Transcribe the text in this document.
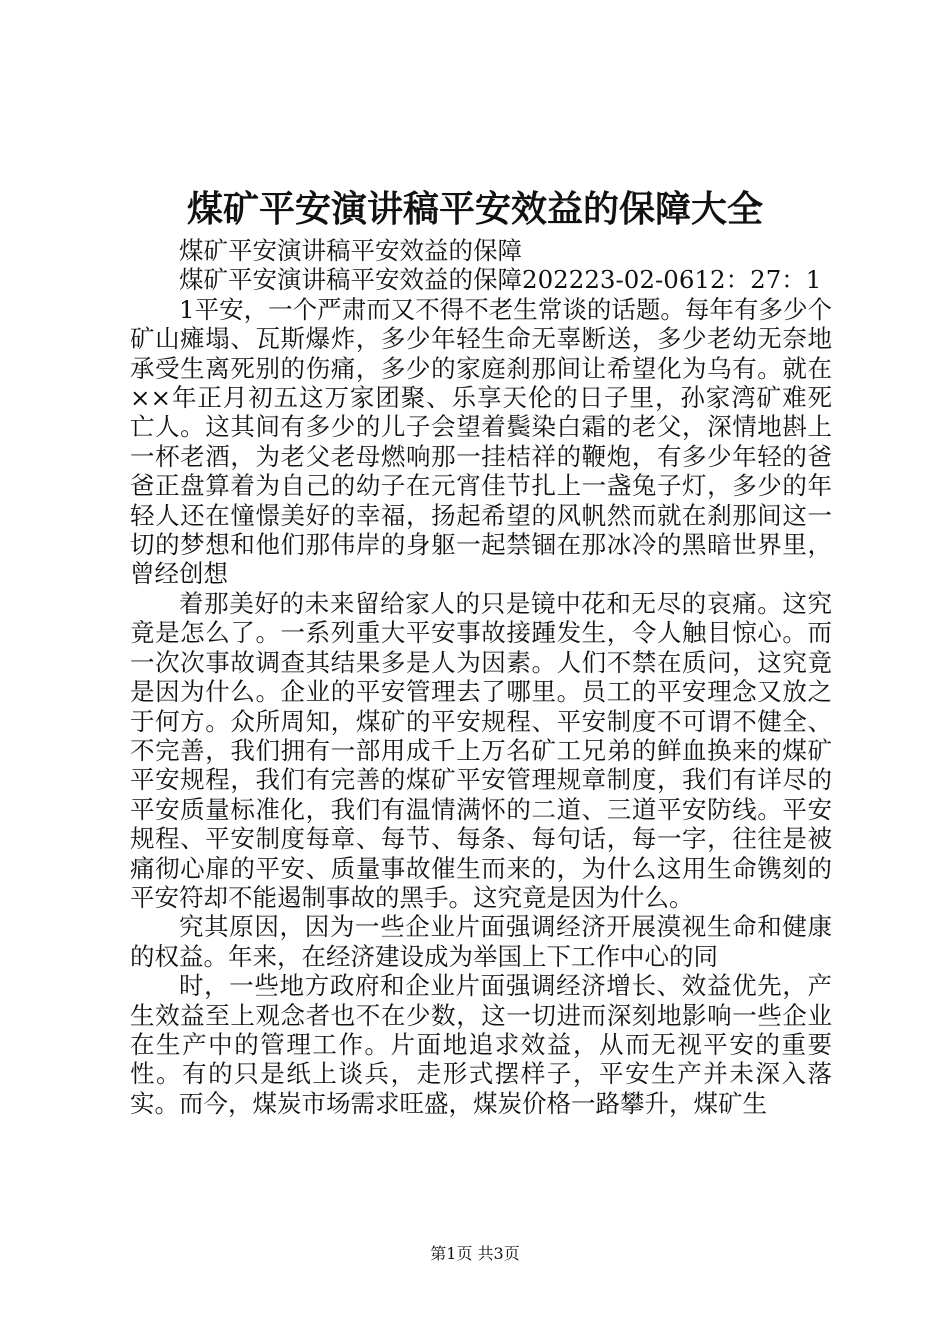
煤矿平安演讲稿平安效益的保障大全

煤矿平安演讲稿平安效益的保障

煤矿平安演讲稿平安效益的保障202223-02-0612：27：1

1平安，一个严肃而又不得不老生常谈的话题。每年有多少个矿山瘫塌、瓦斯爆炸，多少年轻生命无辜断送，多少老幼无奈地承受生离死别的伤痛，多少的家庭刹那间让希望化为乌有。就在××年正月初五这万家团聚、乐享天伦的日子里，孙家湾矿难死亡人。这其间有多少的儿子会望着鬓染白霜的老父，深情地斟上一杯老酒，为老父老母燃响那一挂桔祥的鞭炮，有多少年轻的爸爸正盘算着为自己的幼子在元宵佳节扎上一盏兔子灯，多少的年轻人还在憧憬美好的幸福，扬起希望的风帆然而就在刹那间这一切的梦想和他们那伟岸的身躯一起禁锢在那冰冷的黑暗世界里，曾经创想

着那美好的未来留给家人的只是镜中花和无尽的哀痛。这究竟是怎么了。一系列重大平安事故接踵发生，令人触目惊心。而一次次事故调查其结果多是人为因素。人们不禁在质问，这究竟是因为什么。企业的平安管理去了哪里。员工的平安理念又放之于何方。众所周知，煤矿的平安规程、平安制度不可谓不健全、不完善，我们拥有一部用成千上万名矿工兄弟的鲜血换来的煤矿平安规程，我们有完善的煤矿平安管理规章制度，我们有详尽的平安质量标准化，我们有温情满怀的二道、三道平安防线。平安规程、平安制度每章、每节、每条、每句话，每一字，往往是被痛彻心扉的平安、质量事故催生而来的，为什么这用生命镌刻的平安符却不能遏制事故的黑手。这究竟是因为什么。

究其原因，因为一些企业片面强调经济开展漠视生命和健康的权益。年来，在经济建设成为举国上下工作中心的同

时，一些地方政府和企业片面强调经济增长、效益优先，产生效益至上观念者也不在少数，这一切进而深刻地影响一些企业在生产中的管理工作。片面地追求效益，从而无视平安的重要性。有的只是纸上谈兵，走形式摆样子，平安生产并未深入落实。而今，煤炭市场需求旺盛，煤炭价格一路攀升，煤矿生

第1页 共3页
